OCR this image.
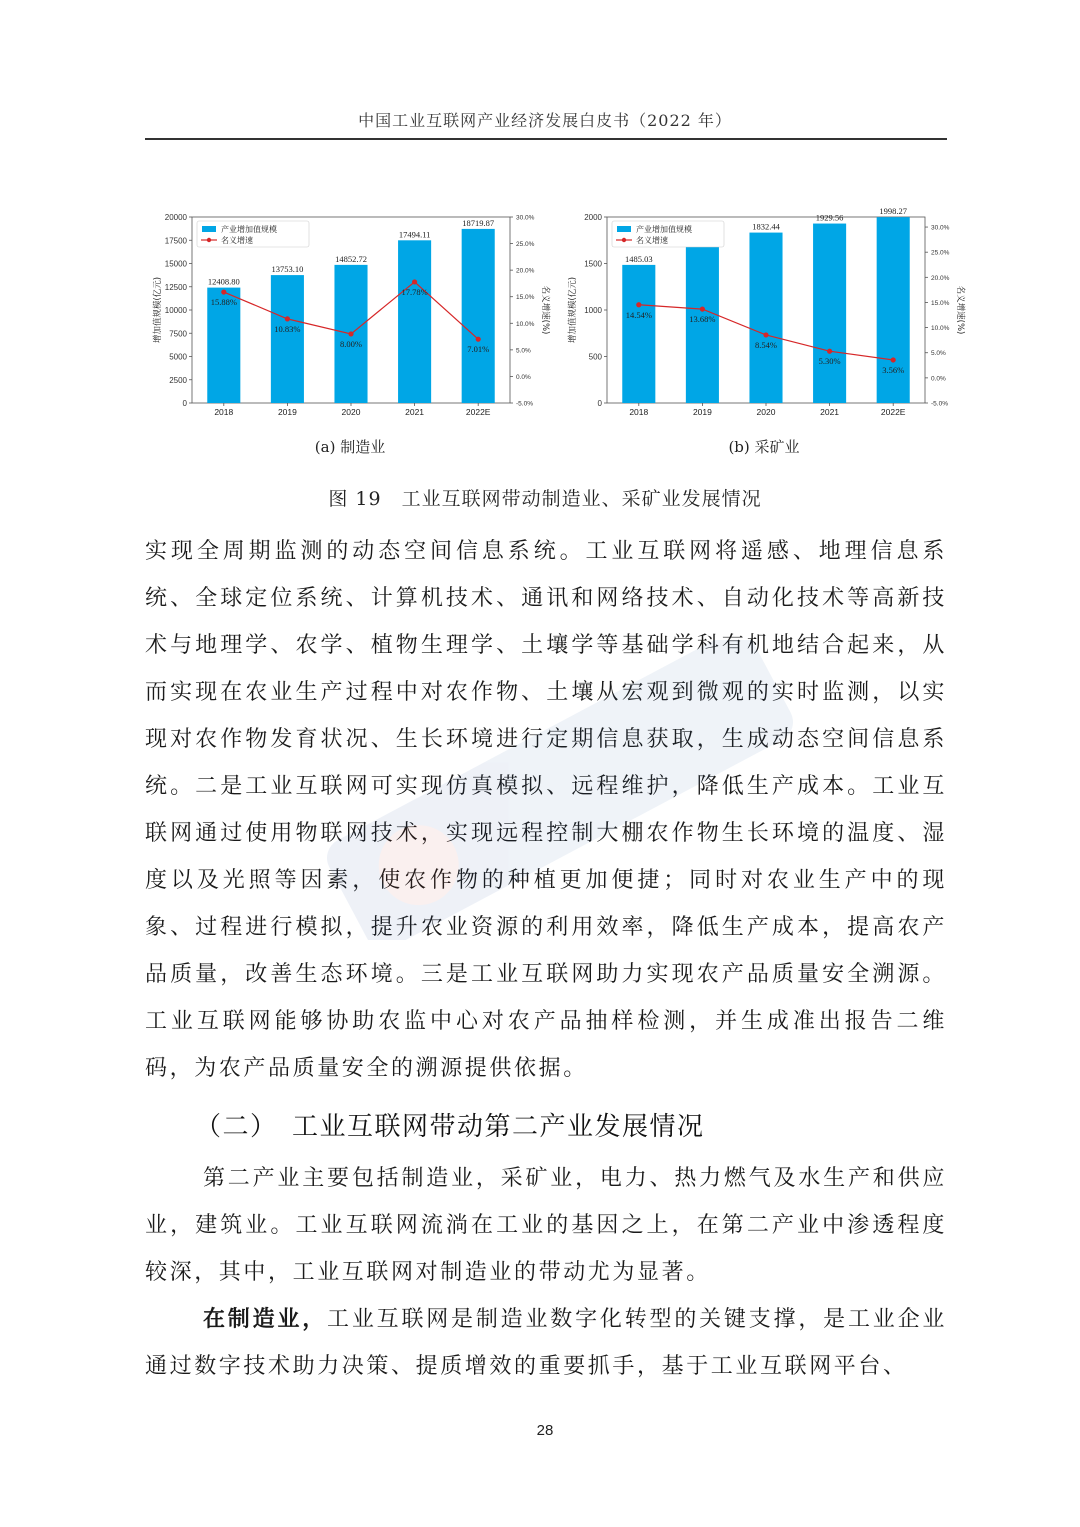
中国工业互联网产业经济发展白皮书（2022 年）
0
2500
5000
7500
10000
12500
15000
17500
20000
-5.0%
0.0%
5.0%
10.0%
15.0%
20.0%
25.0%
30.0%
12408.80
2018
13753.10
2019
14852.72
2020
17494.11
2021
18719.87
2022E
15.88%
10.83%
8.00%
17.78%
7.01%
增加值规模(亿元)	名义增速(%)
产业增加值规模
名义增速
0
500
1000
1500
2000
-5.0%
0.0%
5.0%
10.0%
15.0%
20.0%
25.0%
30.0%
1485.03
2018	2019
1832.44
2020
1929.56
2021
1998.27
2022E
14.54%	13.68%
8.54%
5.30%
3.56%
增加值规模(亿元)	名义增速(%)
产业增加值规模
名义增速
(a) 制造业	(b) 采矿业
图 19　工业互联网带动制造业、采矿业发展情况
实现全周期监测的动态空间信息系统。工业互联网将遥感、地理信息系统、全球定位系统、计算机技术、通讯和网络技术、自动化技术等高新技术与地理学、农学、植物生理学、土壤学等基础学科有机地结合起来，从而实现在农业生产过程中对农作物、土壤从宏观到微观的实时监测，以实现对农作物发育状况、生长环境进行定期信息获取，生成动态空间信息系统。二是工业互联网可实现仿真模拟、远程维护，降低生产成本。工业互联网通过使用物联网技术，实现远程控制大棚农作物生长环境的温度、湿度以及光照等因素，使农作物的种植更加便捷；同时对农业生产中的现象、过程进行模拟，提升农业资源的利用效率，降低生产成本，提高农产品质量，改善生态环境。三是工业互联网助力实现农产品质量安全溯源。工业互联网能够协助农监中心对农产品抽样检测，并生成准出报告二维码，为农产品质量安全的溯源提供依据。
（二）　工业互联网带动第二产业发展情况
第二产业主要包括制造业，采矿业，电力、热力燃气及水生产和供应业，建筑业。工业互联网流淌在工业的基因之上，在第二产业中渗透程度较深，其中，工业互联网对制造业的带动尤为显著。
在制造业，工业互联网是制造业数字化转型的关键支撑，是工业企业通过数字技术助力决策、提质增效的重要抓手，基于工业互联网平台、
28
